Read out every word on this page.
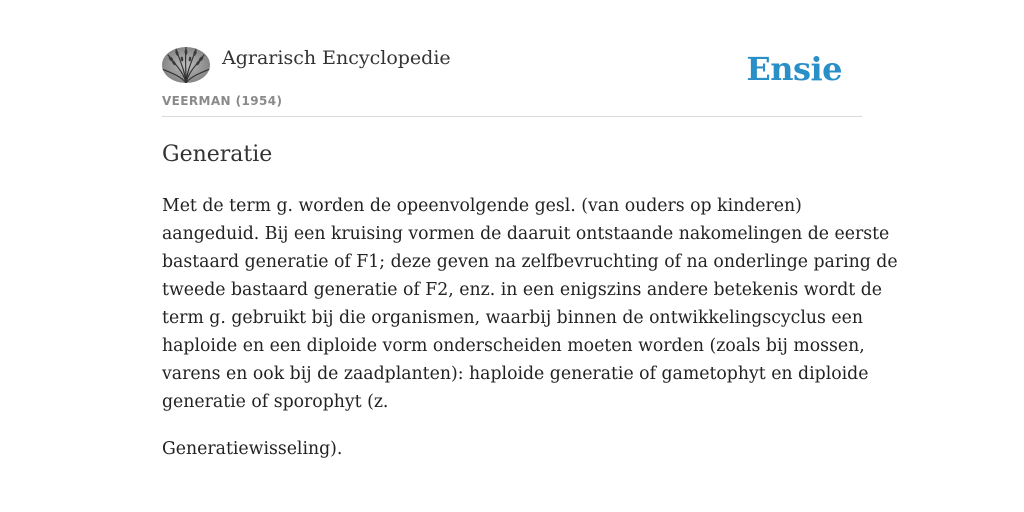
Agrarisch Encyclopedie
VEERMAN (1954)
Ensie
Generatie

Met de term g. worden de opeenvolgende gesl. (van ouders op kinderen)
aangeduid. Bij een kruising vormen de daaruit ontstaande nakomelingen de eerste
bastaard generatie of F1; deze geven na zelfbevruchting of na onderlinge paring de
tweede bastaard generatie of F2, enz. in een enigszins andere betekenis wordt de
term g. gebruikt bij die organismen, waarbij binnen de ontwikkelingscyclus een
haploide en een diploide vorm onderscheiden moeten worden (zoals bij mossen,
varens en ook bij de zaadplanten): haploide generatie of gametophyt en diploide
generatie of sporophyt (z.

Generatiewisseling).
